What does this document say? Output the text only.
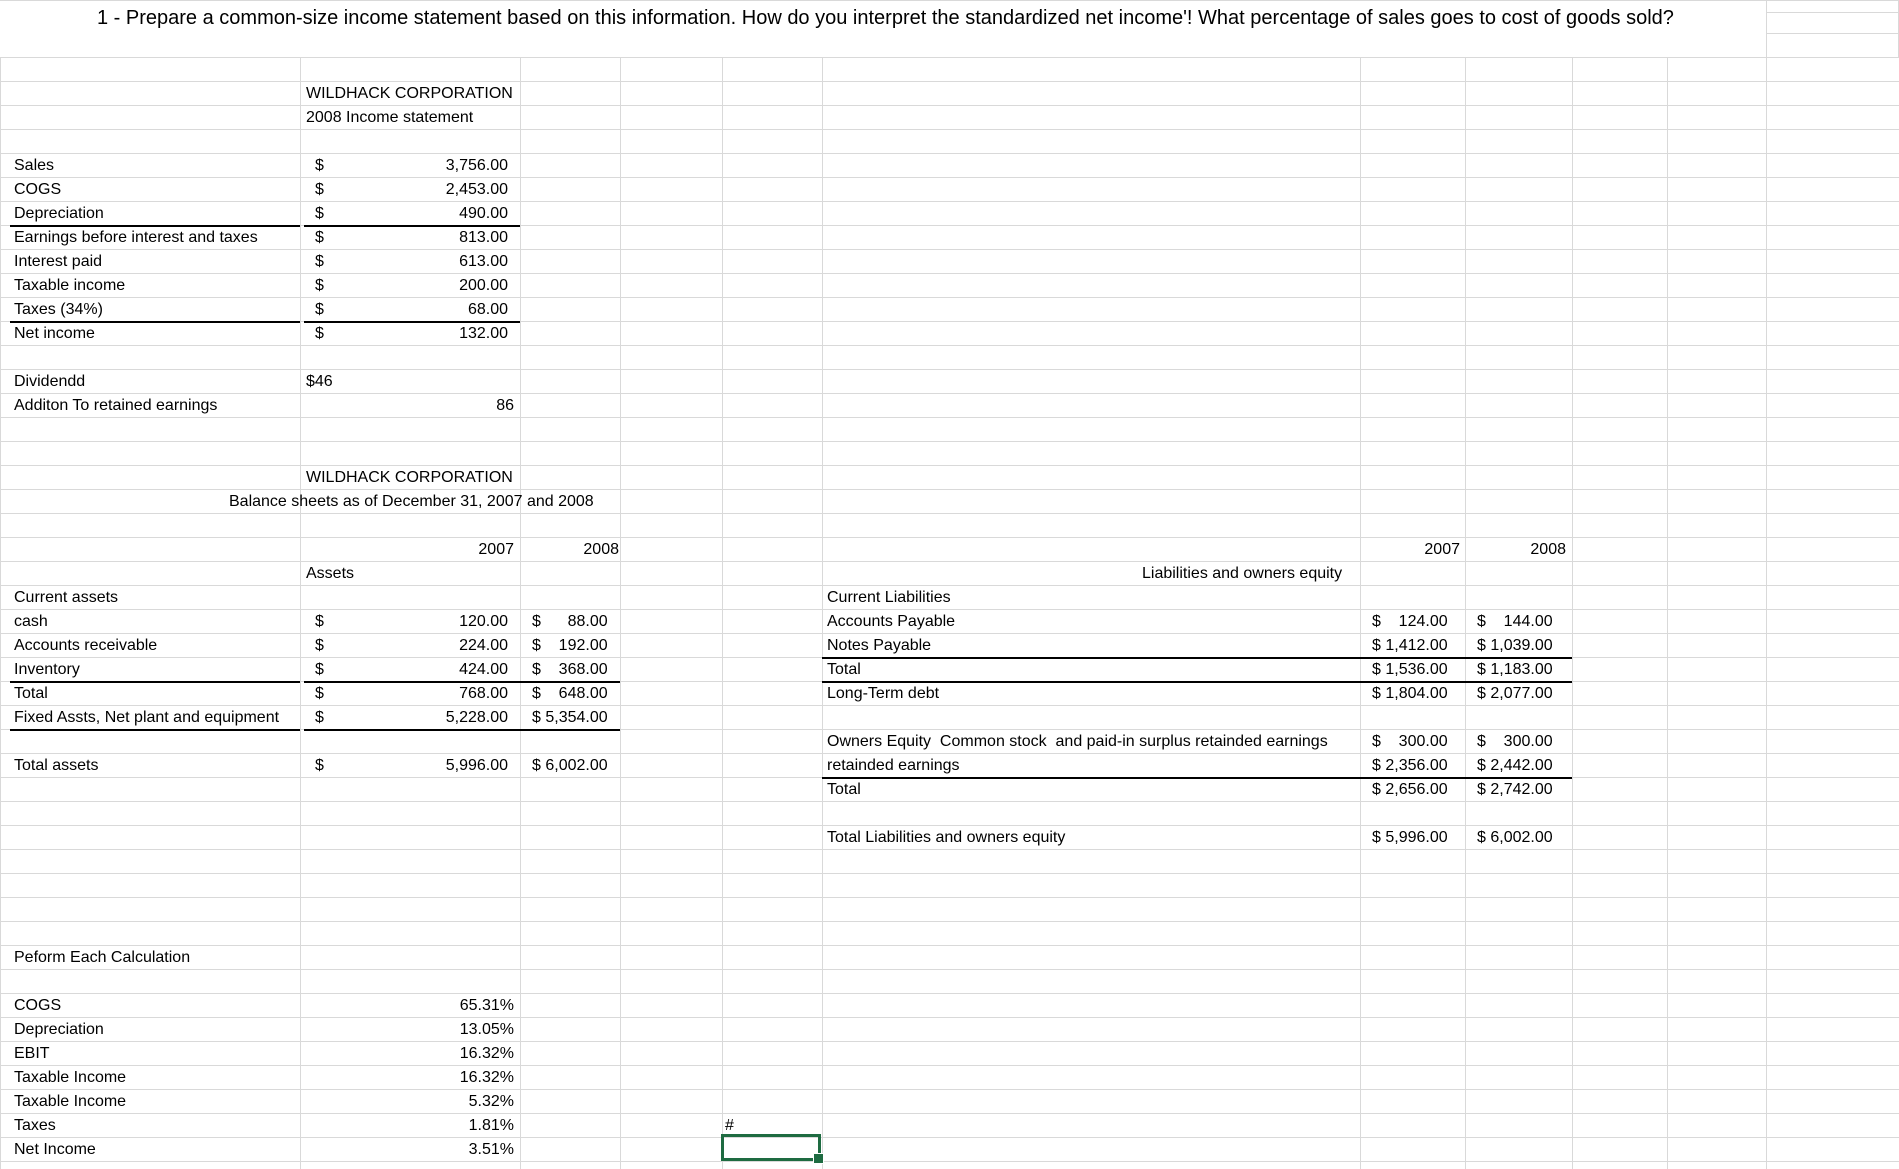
1 - Prepare a common-size income statement based on this information. How do you interpret the standardized net income'! What percentage of sales goes to cost of goods sold?
WILDHACK CORPORATION
2008 Income statement
Sales	$	3,756.00
COGS	$	2,453.00
Depreciation	$	490.00
Earnings before interest and taxes	$	813.00
Interest paid	$	613.00
Taxable income	$	200.00
Taxes (34%)	$	68.00
Net income	$	132.00
Dividendd	$46
Additon To retained earnings	86
WILDHACK CORPORATION
Balance sheets as of December 31, 2007 and 2008
2007	2008	2007	2008
Assets	Liabilities and owners equity
Current assets	Current Liabilities
cash	$	120.00 $      88.00
Accounts receivable	$	224.00 $    192.00
Inventory	$	424.00 $    368.00
Total	$	768.00 $    648.00
Fixed Assts, Net plant and equipment $	5,228.00 $ 5,354.00
Total assets	$	5,996.00 $ 6,002.00
Accounts Payable	$    124.00 $    144.00
Notes Payable	$ 1,412.00 $ 1,039.00
Total	$ 1,536.00 $ 1,183.00
Long-Term debt	$ 1,804.00 $ 2,077.00
Owners Equity  Common stock  and paid-in surplus retainded earnings	$    300.00 $    300.00
retainded earnings	$ 2,356.00 $ 2,442.00
Total	$ 2,656.00 $ 2,742.00
Total Liabilities and owners equity	$ 5,996.00 $ 6,002.00
Peform Each Calculation
COGS	65.31%
Depreciation	13.05%
EBIT	16.32%
Taxable Income	16.32%
Taxable Income	5.32%
Taxes	1.81%
Net Income	3.51%
#
